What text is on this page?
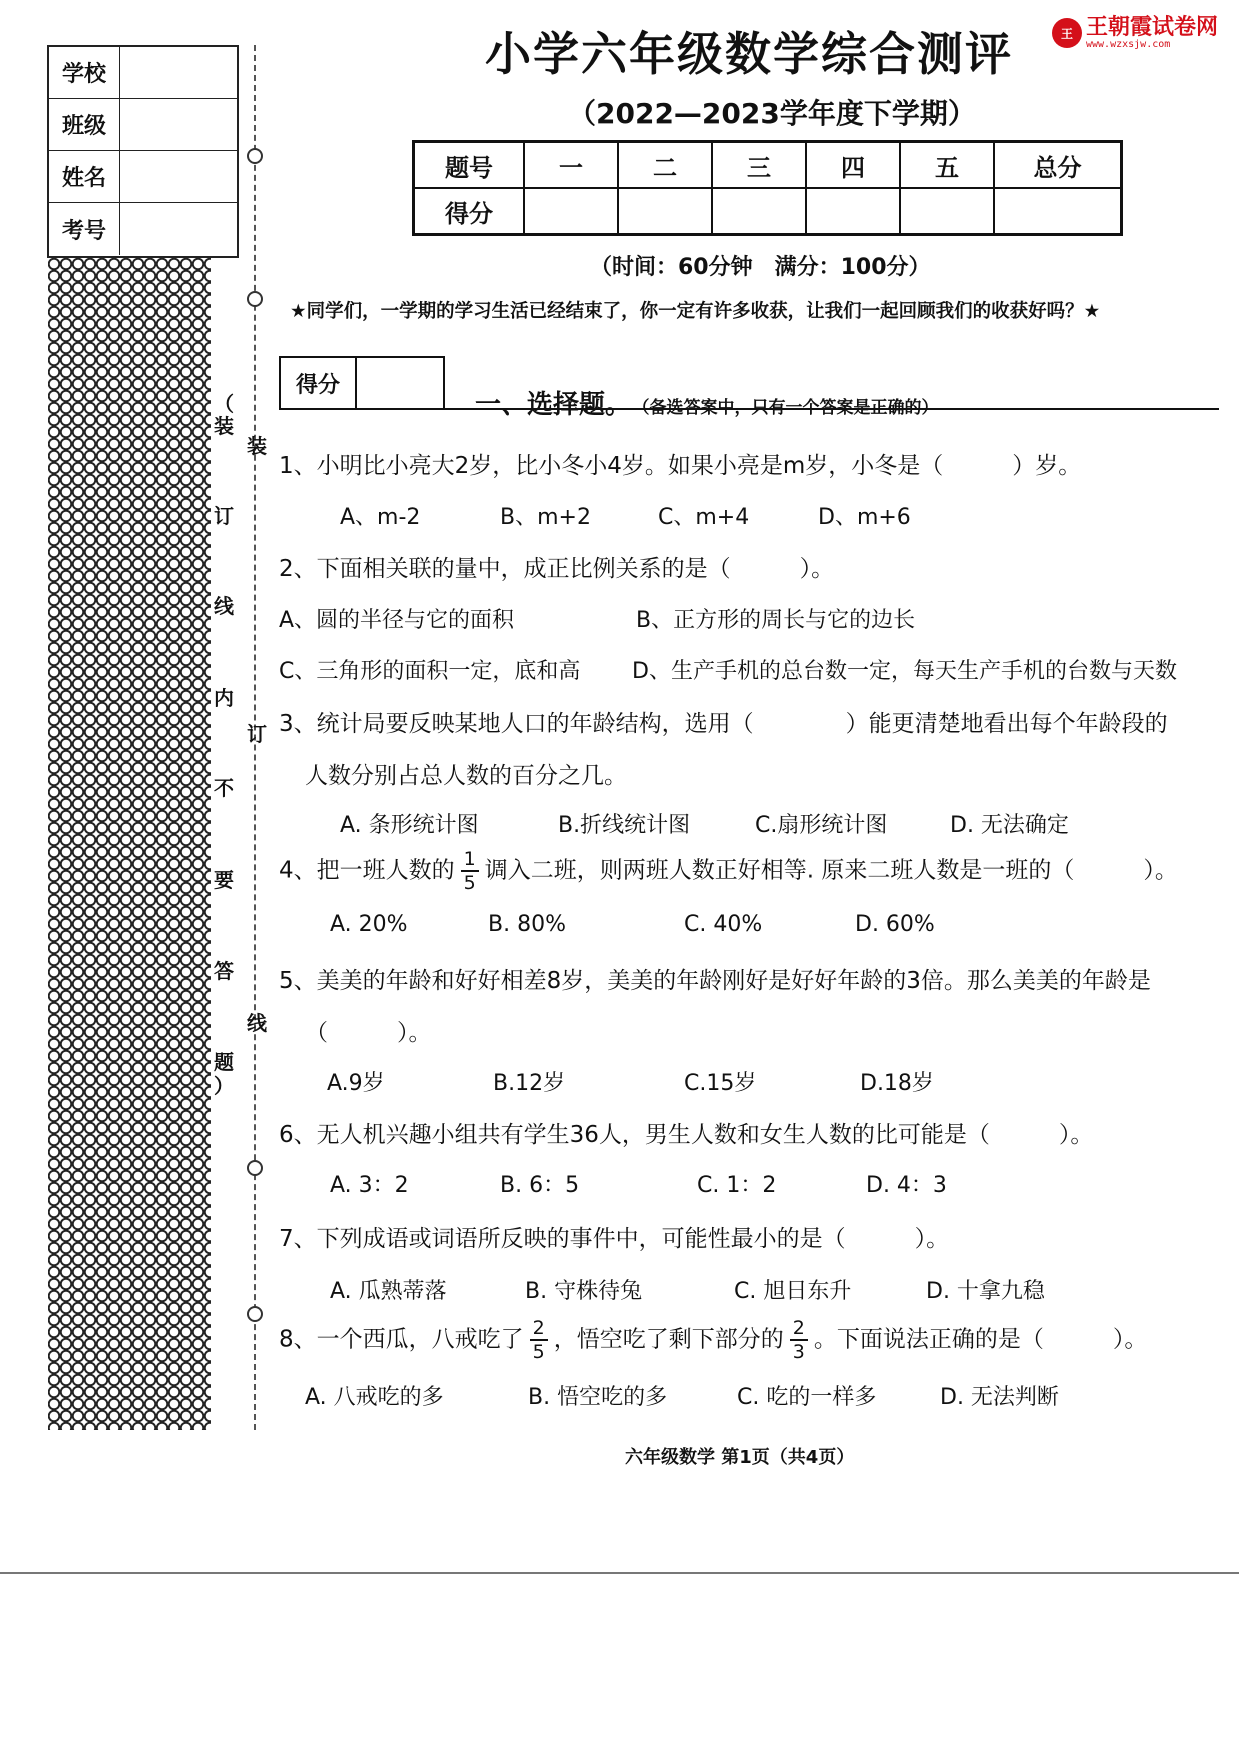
学校
班级
姓名
考号
（
装
订
线
内
不
要
答
题
）
装
订
线
小学六年级数学综合测评	王 王朝霞试卷网
www.wzxsjw.com
（2022—2023学年度下学期）
题号	一	二	三	四	五	总分
得分						
（时间：60分钟　满分：100分）
★同学们，一学期的学习生活已经结束了，你一定有许多收获，让我们一起回顾我们的收获好吗？★
得分
一、选择题。 （备选答案中，只有一个答案是正确的）
1、小明比小亮大2岁，比小冬小4岁。如果小亮是m岁，小冬是（　　　）岁。
A、m-2	B、m+2	C、m+4	D、m+6
2、下面相关联的量中，成正比例关系的是（　　　）。
A、圆的半径与它的面积	B、正方形的周长与它的边长
C、三角形的面积一定，底和高 D、生产手机的总台数一定，每天生产手机的台数与天数
3、统计局要反映某地人口的年龄结构，选用（　　　　）能更清楚地看出每个年龄段的
人数分别占总人数的百分之几。
A. 条形统计图	B.折线统计图	C.扇形统计图	D. 无法确定
4、把一班人数的 $\frac{1}{5}$ 调入二班，则两班人数正好相等. 原来二班人数是一班的（　　　）。
A. 20%	B. 80%	C. 40%	D. 60%
5、美美的年龄和好好相差8岁，美美的年龄刚好是好好年龄的3倍。那么美美的年龄是
（　　　）。
A.9岁	B.12岁	C.15岁	D.18岁
6、无人机兴趣小组共有学生36人，男生人数和女生人数的比可能是（　　　）。
A. 3：2	B. 6：5	C. 1：2	D. 4：3
7、下列成语或词语所反映的事件中，可能性最小的是（　　　）。
A. 瓜熟蒂落	B. 守株待兔	C. 旭日东升	D. 十拿九稳
8、一个西瓜，八戒吃了 $\frac{2}{5}$ ，悟空吃了剩下部分的 $\frac{2}{3}$ 。下面说法正确的是（　　　）。
A. 八戒吃的多	B. 悟空吃的多	C. 吃的一样多	D. 无法判断
六年级数学 第1页（共4页）
